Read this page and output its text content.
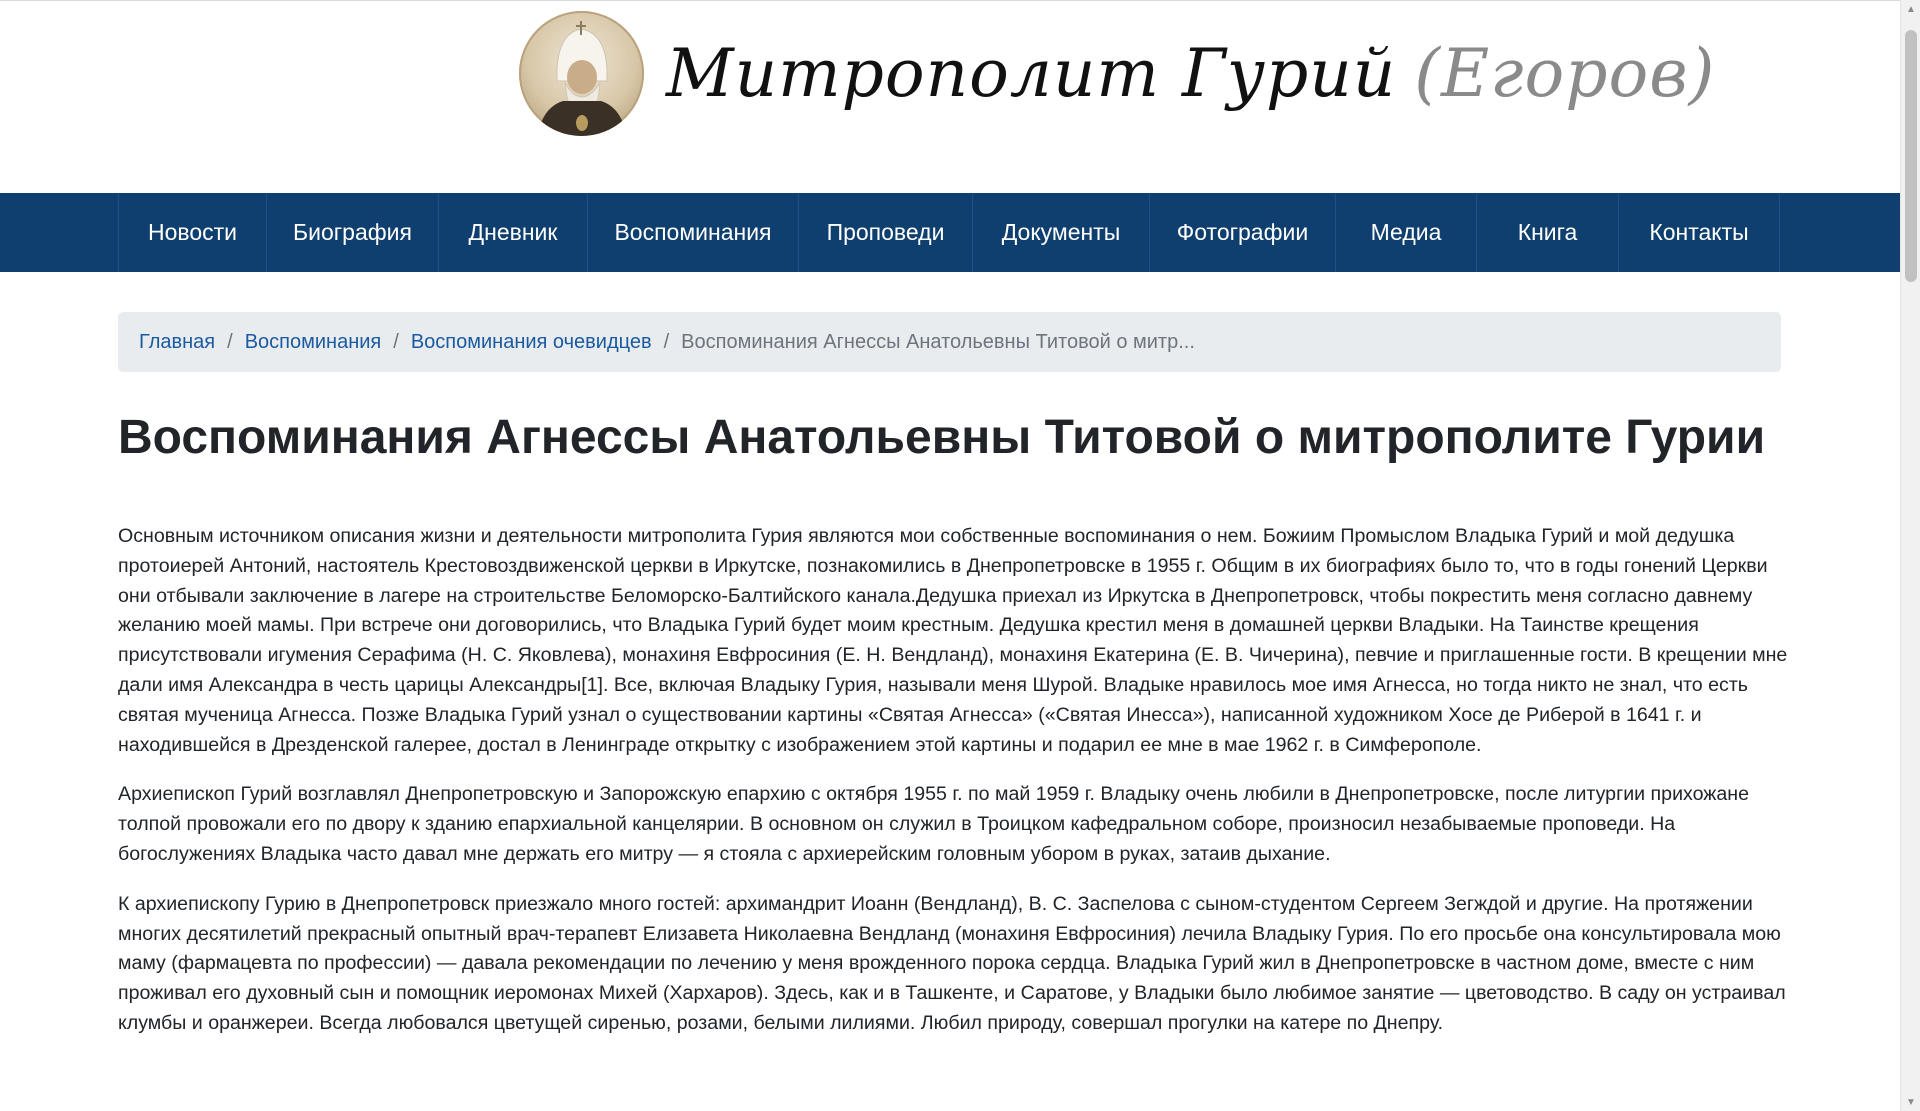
Митрополит Гурий (Егоров)
Новости	Биография	Дневник	Воспоминания	Проповеди	Документы	Фотографии	Медиа	Книга	Контакты
Главная / Воспоминания / Воспоминания очевидцев / Воспоминания Агнессы Анатольевны Титовой о митр...
Воспоминания Агнессы Анатольевны Титовой о митрополите Гурии

Основным источником описания жизни и деятельности митрополита Гурия являются мои собственные воспоминания о нем. Божиим Промыслом Владыка Гурий и мой дедушка протоиерей Антоний, настоятель Крестовоздвиженской церкви в Иркутске, познакомились в Днепропетровске в 1955 г. Общим в их биографиях было то, что в годы гонений Церкви они отбывали заключение в лагере на строительстве Беломорско-Балтийского канала.Дедушка приехал из Иркутска в Днепропетровск, чтобы покрестить меня согласно давнему желанию моей мамы. При встрече они договорились, что Владыка Гурий будет моим крестным. Дедушка крестил меня в домашней церкви Владыки. На Таинстве крещения присутствовали игумения Серафима (Н. С. Яковлева), монахиня Евфросиния (Е. Н. Вендланд), монахиня Екатерина (Е. В. Чичерина), певчие и приглашенные гости. В крещении мне дали имя Александра в честь царицы Александры[1]. Все, включая Владыку Гурия, называли меня Шурой. Владыке нравилось мое имя Агнесса, но тогда никто не знал, что есть святая мученица Агнесса. Позже Владыка Гурий узнал о существовании картины «Святая Агнесса» («Святая Инесса»), написанной художником Хосе де Риберой в 1641 г. и находившейся в Дрезденской галерее, достал в Ленинграде открытку с изображением этой картины и подарил ее мне в мае 1962 г. в Симферополе.

Архиепископ Гурий возглавлял Днепропетровскую и Запорожскую епархию с октября 1955 г. по май 1959 г. Владыку очень любили в Днепропетровске, после литургии прихожане толпой провожали его по двору к зданию епархиальной канцелярии. В основном он служил в Троицком кафедральном соборе, произносил незабываемые проповеди. На богослужениях Владыка часто давал мне держать его митру — я стояла с архиерейским головным убором в руках, затаив дыхание.

К архиепископу Гурию в Днепропетровск приезжало много гостей: архимандрит Иоанн (Вендланд), В. С. Заспелова с сыном-студентом Сергеем Зегждой и другие. На протяжении многих десятилетий прекрасный опытный врач-терапевт Елизавета Николаевна Вендланд (монахиня Евфросиния) лечила Владыку Гурия. По его просьбе она консультировала мою маму (фармацевта по профессии) — давала рекомендации по лечению у меня врожденного порока сердца. Владыка Гурий жил в Днепропетровске в частном доме, вместе с ним проживал его духовный сын и помощник иеромонах Михей (Хархаров). Здесь, как и в Ташкенте, и Саратове, у Владыки было любимое занятие — цветоводство. В саду он устраивал клумбы и оранжереи. Всегда любовался цветущей сиренью, розами, белыми лилиями. Любил природу, совершал прогулки на катере по Днепру.

▲
▼
